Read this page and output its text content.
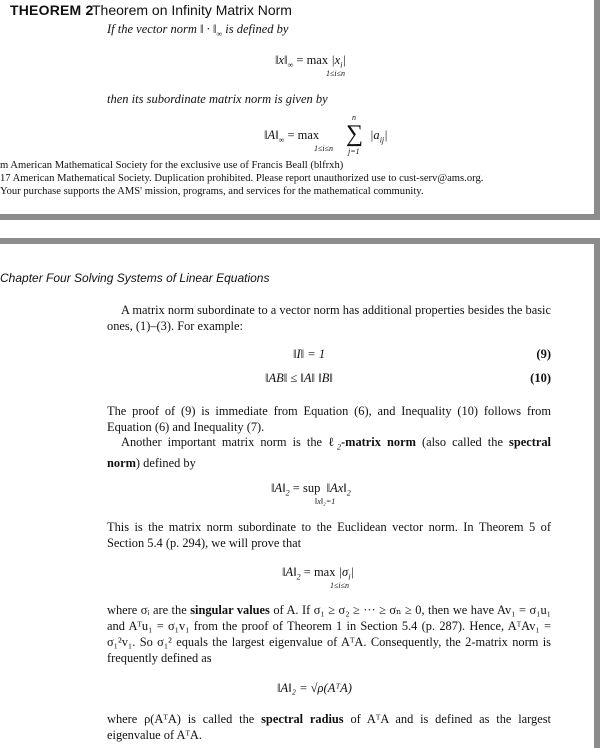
THEOREM 2
Theorem on Infinity Matrix Norm
If the vector norm ‖ · $‖_\infty$ is defined by
$‖x‖_\infty = \max |x_i|$
1≤i≤n
then its subordinate matrix norm is given by
$‖A‖_\infty = \max$
1≤i≤n
n
∑
j=1
$|a_{ij}|$
m American Mathematical Society for the exclusive use of Francis Beall (blfrxh)
17 American Mathematical Society. Duplication prohibited. Please report unauthorized use to cust-serv@ams.org.
Your purchase supports the AMS' mission, programs, and services for the mathematical community.
Chapter Four Solving Systems of Linear Equations
A matrix norm subordinate to a vector norm has additional properties besides the basic ones, (1)–(3). For example:
‖I‖ = 1	(9)
‖AB‖ ≤ ‖A‖ ‖B‖	(10)
The proof of (9) is immediate from Equation (6), and Inequality (10) follows from Equation (6) and Inequality (7).
Another important matrix norm is the ℓ$_2$-matrix norm (also called the spectral norm) defined by
$‖A‖_2$ = sup $‖Ax‖_2$
‖x‖₂=1
This is the matrix norm subordinate to the Euclidean vector norm. In Theorem 5 of Section 5.4 (p. 294), we will prove that
$‖A‖_2 = \max |\sigma_i|$
1≤i≤n
where σᵢ are the singular values of A. If σ₁ ≥ σ₂ ≥ ··· ≥ σₙ ≥ 0, then we have Av₁ = σ₁u₁ and Aᵀu₁ = σ₁v₁ from the proof of Theorem 1 in Section 5.4 (p. 287). Hence, AᵀAv₁ = σ₁²v₁. So σ₁² equals the largest eigenvalue of AᵀA. Consequently, the 2-matrix norm is frequently defined as
‖A‖₂ = √ρ(AᵀA)
where ρ(AᵀA) is called the spectral radius of AᵀA and is defined as the largest eigenvalue of AᵀA.
